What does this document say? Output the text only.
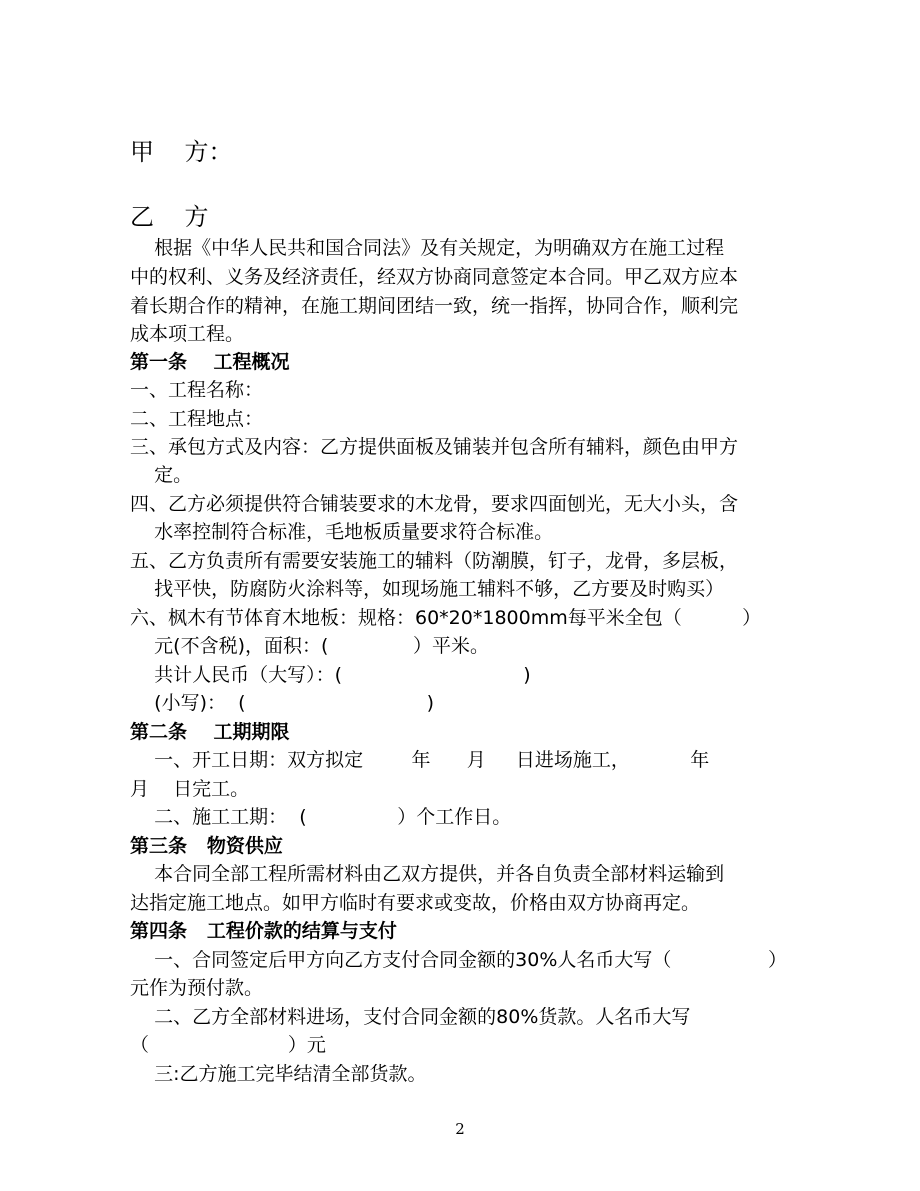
甲    方：
乙    方
根据《中华人民共和国合同法》及有关规定，为明确双方在施工过程
中的权利、义务及经济责任，经双方协商同意签定本合同。甲乙双方应本
着长期合作的精神，在施工期间团结一致，统一指挥，协同合作，顺利完
成本项工程。
第一条    工程概况
一、工程名称：
二、工程地点：
三、承包方式及内容：乙方提供面板及铺装并包含所有辅料，颜色由甲方
定。
四、乙方必须提供符合铺装要求的木龙骨，要求四面刨光，无大小头，含
水率控制符合标准，毛地板质量要求符合标准。
五、乙方负责所有需要安装施工的辅料（防潮膜，钉子，龙骨，多层板，
找平快，防腐防火涂料等，如现场施工辅料不够，乙方要及时购买）
六、枫木有节体育木地板：规格：60*20*1800mm每平米全包（          ）
元(不含税)，面积：(              ）平米。
共计人民币（大写）：(                              )
(小写)：  (                              )
第二条    工期期限
一、开工日期：双方拟定        年      月     日进场施工，          年
月    日完工。
二、施工工期：  (               ）个工作日。
第三条   物资供应
本合同全部工程所需材料由乙双方提供，并各自负责全部材料运输到
达指定施工地点。如甲方临时有要求或变故，价格由双方协商再定。
第四条   工程价款的结算与支付
一、合同签定后甲方向乙方支付合同金额的30%人名币大写（                ）
元作为预付款。
二、乙方全部材料进场，支付合同金额的80%货款。人名币大写
（                       ）元
三:乙方施工完毕结清全部货款。
2
